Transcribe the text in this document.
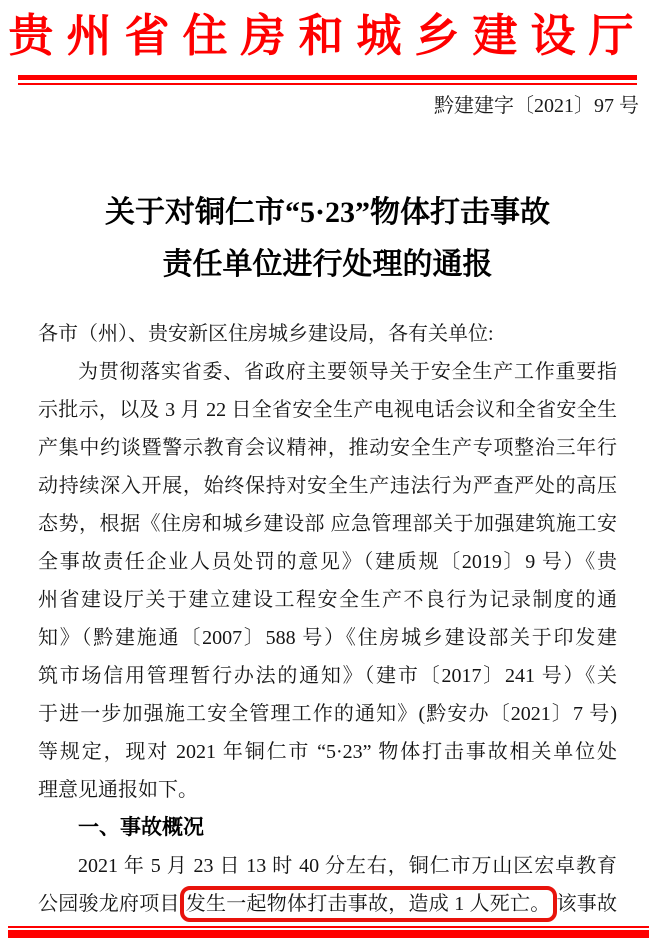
贵州省住房和城乡建设厅
黔建建字〔2021〕97 号
关于对铜仁市“5·23”物体打击事故
责任单位进行处理的通报
各市（州）、贵安新区住房城乡建设局，各有关单位:
为贯彻落实省委、省政府主要领导关于安全生产工作重要指
示批示，以及 3 月 22 日全省安全生产电视电话会议和全省安全生
产集中约谈暨警示教育会议精神，推动安全生产专项整治三年行
动持续深入开展，始终保持对安全生产违法行为严查严处的高压
态势，根据《住房和城乡建设部 应急管理部关于加强建筑施工安
全事故责任企业人员处罚的意见》（建质规〔2019〕9 号）《贵
州省建设厅关于建立建设工程安全生产不良行为记录制度的通
知》（黔建施通〔2007〕588 号）《住房城乡建设部关于印发建
筑市场信用管理暂行办法的通知》（建市〔2017〕241 号）《关
于进一步加强施工安全管理工作的通知》(黔安办〔2021〕7 号)
等规定，现对 2021 年铜仁市 “5·23” 物体打击事故相关单位处
理意见通报如下。
一、事故概况
2021 年 5 月 23 日 13 时 40 分左右，铜仁市万山区宏卓教育
公园骏龙府项目 发生一起物体打击事故，造成 1 人死亡。 该事故
